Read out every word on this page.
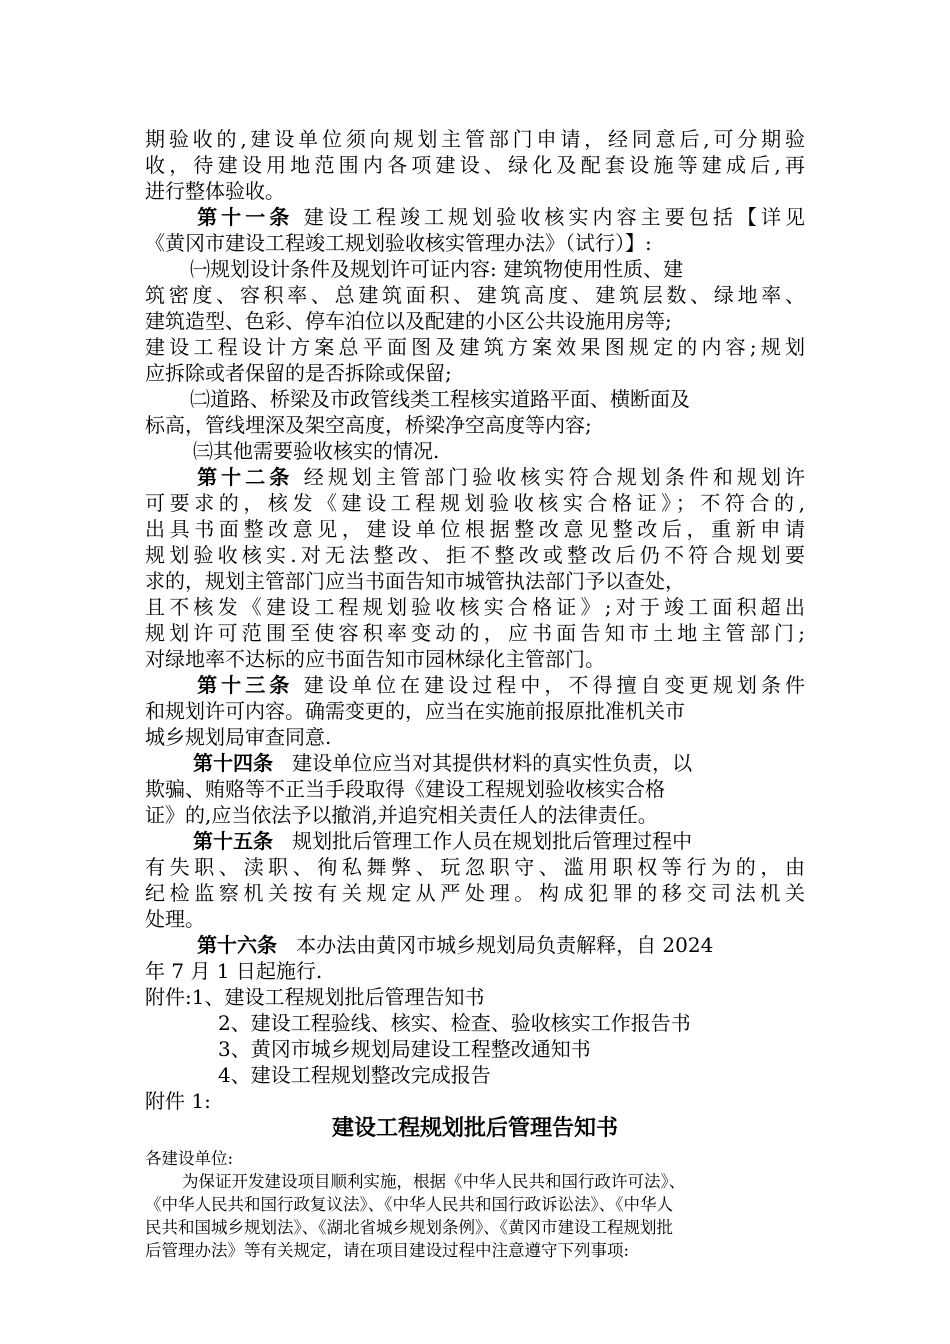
期验收的,建设单位须向规划主管部门申请，经同意后,可分期验
收，待建设用地范围内各项建设、绿化及配套设施等建成后,再
进行整体验收。
第十一条 建设工程竣工规划验收核实内容主要包括【详见
《黄冈市建设工程竣工规划验收核实管理办法》（试行）】:
㈠规划设计条件及规划许可证内容: 建筑物使用性质、建
筑密度、容积率、总建筑面积、建筑高度、建筑层数、绿地率、
建筑造型、色彩、停车泊位以及配建的小区公共设施用房等;
建设工程设计方案总平面图及建筑方案效果图规定的内容;规划
应拆除或者保留的是否拆除或保留;
㈡道路、桥梁及市政管线类工程核实道路平面、横断面及
标高，管线埋深及架空高度，桥梁净空高度等内容;
㈢其他需要验收核实的情况.
第十二条 经规划主管部门验收核实符合规划条件和规划许
可要求的，核发《建设工程规划验收核实合格证》；不符合的,
出具书面整改意见，建设单位根据整改意见整改后，重新申请
规划验收核实.对无法整改、拒不整改或整改后仍不符合规划要
求的，规划主管部门应当书面告知市城管执法部门予以查处，
且不核发《建设工程规划验收核实合格证》;对于竣工面积超出
规划许可范围至使容积率变动的，应书面告知市土地主管部门;
对绿地率不达标的应书面告知市园林绿化主管部门。
第十三条 建设单位在建设过程中，不得擅自变更规划条件
和规划许可内容。确需变更的，应当在实施前报原批准机关市
城乡规划局审查同意.
第十四条 建设单位应当对其提供材料的真实性负责，以
欺骗、贿赂等不正当手段取得《建设工程规划验收核实合格
证》的,应当依法予以撤消,并追究相关责任人的法律责任。
第十五条 规划批后管理工作人员在规划批后管理过程中
有失职、渎职、徇私舞弊、玩忽职守、滥用职权等行为的，由
纪检监察机关按有关规定从严处理。构成犯罪的移交司法机关
处理。
第十六条 本办法由黄冈市城乡规划局负责解释，自 2024
年 7 月 1 日起施行.
附件:1、建设工程规划批后管理告知书
2、建设工程验线、核实、检查、验收核实工作报告书
3、黄冈市城乡规划局建设工程整改通知书
4、建设工程规划整改完成报告
附件 1:
建设工程规划批后管理告知书
各建设单位:
为保证开发建设项目顺利实施，根据《中华人民共和国行政许可法》、
《中华人民共和国行政复议法》、《中华人民共和国行政诉讼法》、《中华人
民共和国城乡规划法》、《湖北省城乡规划条例》、《黄冈市建设工程规划批
后管理办法》等有关规定，请在项目建设过程中注意遵守下列事项:
